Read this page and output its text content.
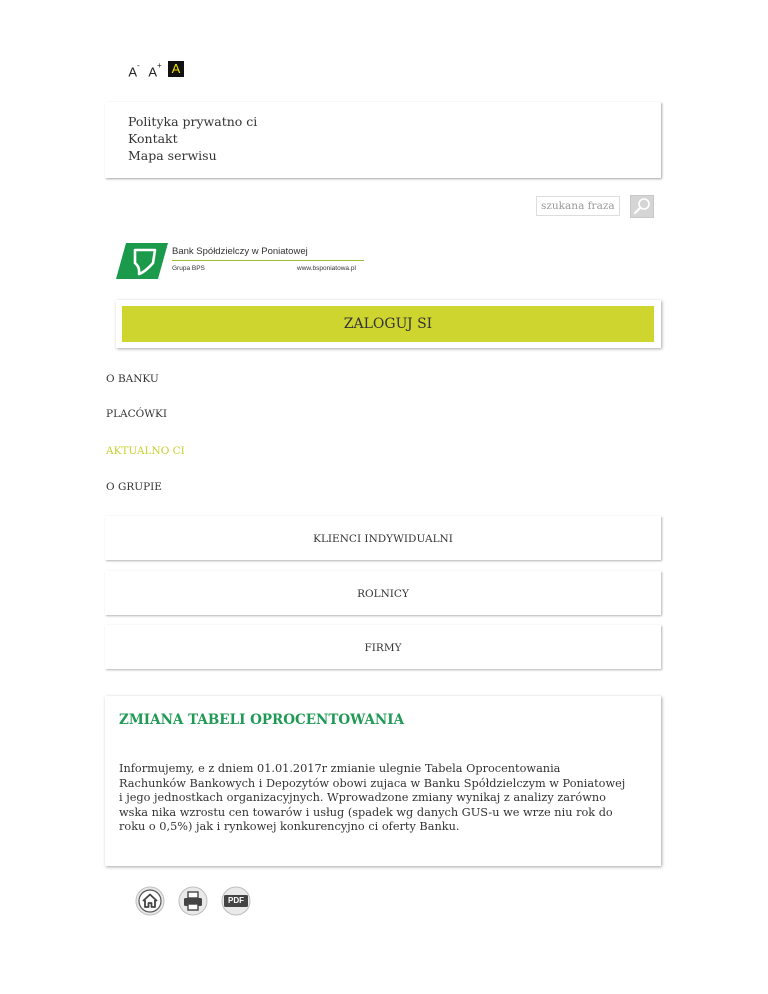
A- A+ A
Polityka prywatno ci
Kontakt
Mapa serwisu
szukana fraza...
Bank Spółdzielczy w Poniatowej
Grupa BPS	www.bsponiatowa.pl
ZALOGUJ SI
O BANKU
PLACÓWKI
AKTUALNO CI
O GRUPIE
KLIENCI INDYWIDUALNI
ROLNICY
FIRMY
ZMIANA TABELI OPROCENTOWANIA
Informujemy, e z dniem 01.01.2017r zmianie ulegnie Tabela Oprocentowania
Rachunków Bankowych i Depozytów obowi zujaca w Banku Spółdzielczym w Poniatowej
i jego jednostkach organizacyjnych. Wprowadzone zmiany wynikaj z analizy zarówno
wska nika wzrostu cen towarów i usług (spadek wg danych GUS-u we wrze niu rok do
roku o 0,5%) jak i rynkowej konkurencyjno ci oferty Banku.
PDF
